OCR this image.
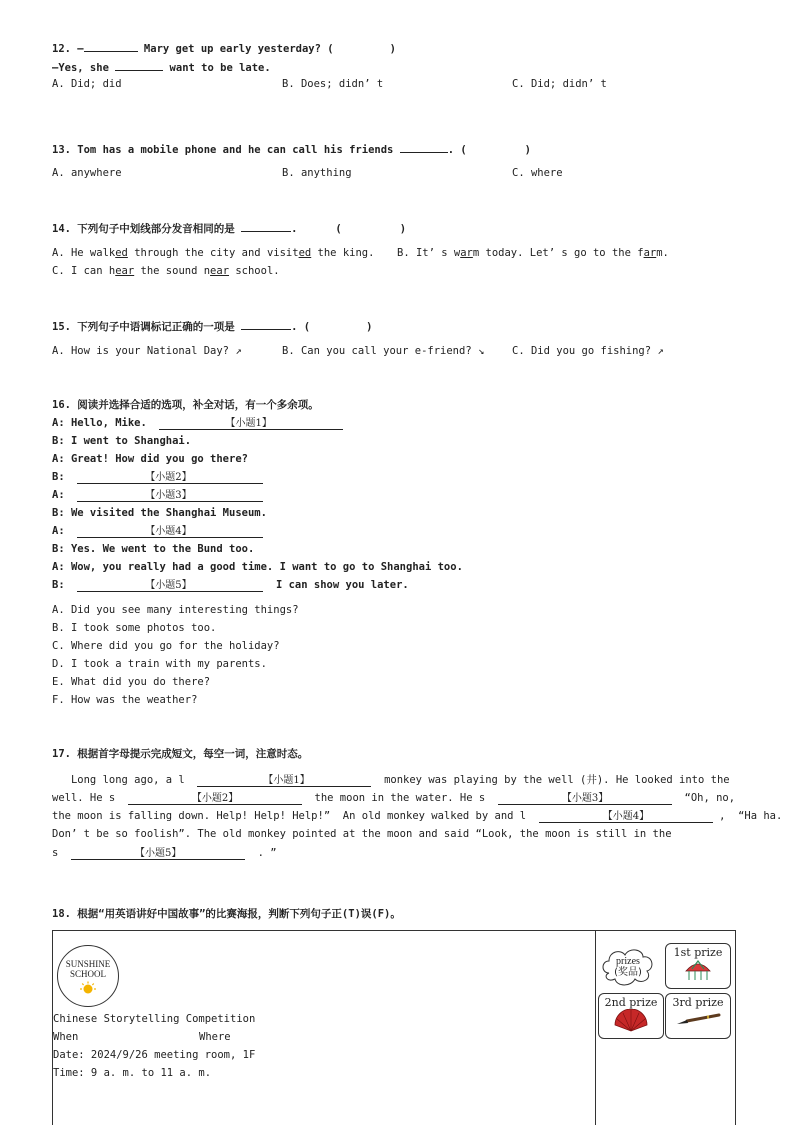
12. —	Mary get up early yesterday? (	)
—Yes, she	want to be late.
A. Did; did	B. Does; didn’ t	C. Did; didn’ t
13. Tom has a mobile phone and he can call his friends	. (	)
A. anywhere	B. anything	C. where
14. 下列句子中划线部分发音相同的是	.      (	)
A. He walked through the city and visited the king. B. It’ s warm today. Let’ s go to the farm.
C. I can hear the sound near school.
15. 下列句子中语调标记正确的一项是	. (	)
A. How is your National Day? ↗	B. Can you call your e-friend? ↘	C. Did you go fishing? ↗
16. 阅读并选择合适的选项，补全对话，有一个多余项。
A: Hello, Mike.	【小题1】
B: I went to Shanghai.
A: Great! How did you go there?
B:	【小题2】
A:	【小题3】
B: We visited the Shanghai Museum.
A:	【小题4】
B: Yes. We went to the Bund too.
A: Wow, you really had a good time. I want to go to Shanghai too.
B:	【小题5】	I can show you later.
A. Did you see many interesting things?
B. I took some photos too.
C. Where did you go for the holiday?
D. I took a train with my parents.
E. What did you do there?
F. How was the weather?
17. 根据首字母提示完成短文，每空一词，注意时态。
Long long ago, a l	【小题1】	monkey was playing by the well (井). He looked into the
well. He s	【小题2】	the moon in the water. He s	【小题3】	“Oh, no,
the moon is falling down. Help! Help! Help!”  An old monkey walked by and l	【小题4】	,  “Ha ha.
Don’ t be so foolish”. The old monkey pointed at the moon and said “Look, the moon is still in the
s	【小题5】	. ”
18. 根据“用英语讲好中国故事”的比赛海报，判断下列句子正(T)误(F)。
SUNSHINE
SCHOOL
Chinese Storytelling Competition
When	Where
Date: 2024/9/26 meeting room, 1F
Time: 9 a. m. to 11 a. m.
prizes
(奖品)
1st prize
2nd prize	3rd prize
